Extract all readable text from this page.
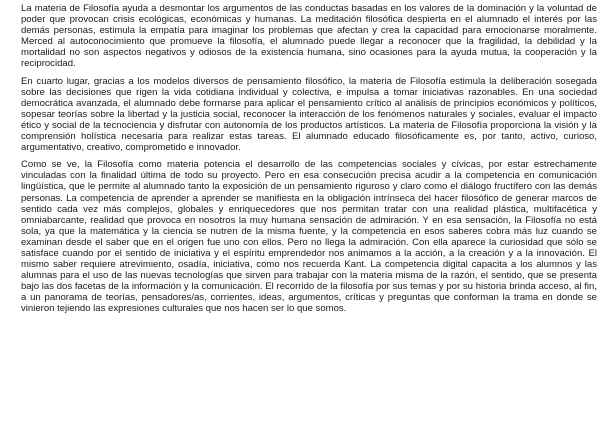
La materia de Filosofía ayuda a desmontar los argumentos de las conductas basadas en los valores de la dominación y la voluntad de poder que provocan crisis ecológicas, económicas y humanas. La meditación filosófica despierta en el alumnado el interés por las demás personas, estimula la empatía para imaginar los problemas que afectan y crea la capacidad para emocionarse moralmente. Merced al autoconocimiento que promueve la filosofía, el alumnado puede llegar a reconocer que la fragilidad, la debilidad y la mortalidad no son aspectos negativos y odiosos de la existencia humana, sino ocasiones para la ayuda mutua, la cooperación y la reciprocidad.

En cuarto lugar, gracias a los modelos diversos de pensamiento filosófico, la materia de Filosofía estimula la deliberación sosegada sobre las decisiones que rigen la vida cotidiana individual y colectiva, e impulsa a tomar iniciativas razonables. En una sociedad democrática avanzada, el alumnado debe formarse para aplicar el pensamiento crítico al análisis de principios económicos y políticos, sopesar teorías sobre la libertad y la justicia social, reconocer la interacción de los fenómenos naturales y sociales, evaluar el impacto ético y social de la tecnociencia y disfrutar con autonomía de los productos artísticos. La materia de Filosofía proporciona la visión y la comprensión holística necesaria para realizar estas tareas. El alumnado educado filosóficamente es, por tanto, activo, curioso, argumentativo, creativo, comprometido e innovador.

Como se ve, la Filosofía como materia potencia el desarrollo de las competencias sociales y cívicas, por estar estrechamente vinculadas con la finalidad última de todo su proyecto. Pero en esa consecución precisa acudir a la competencia en comunicación lingüística, que le permite al alumnado tanto la exposición de un pensamiento riguroso y claro como el diálogo fructífero con las demás personas. La competencia de aprender a aprender se manifiesta en la obligación intrínseca del hacer filosófico de generar marcos de sentido cada vez más complejos, globales y enriquecedores que nos permitan tratar con una realidad plástica, multifacética y omniabarcante, realidad que provoca en nosotros la muy humana sensación de admiración. Y en esa sensación, la Filosofía no está sola, ya que la matemática y la ciencia se nutren de la misma fuente, y la competencia en esos saberes cobra más luz cuando se examinan desde el saber que en el origen fue uno con ellos. Pero no llega la admiración. Con ella aparece la curiosidad que sólo se satisface cuando por el sentido de iniciativa y el espíritu emprendedor nos animamos a la acción, a la creación y a la innovación. El mismo saber requiere atrevimiento, osadía, iniciativa, como nos recuerda Kant. La competencia digital capacita a los alumnos y las alumnas para el uso de las nuevas tecnologías que sirven para trabajar con la materia misma de la razón, el sentido, que se presenta bajo las dos facetas de la información y la comunicación. El recorrido de la filosofía por sus temas y por su historia brinda acceso, al fin, a un panorama de teorías, pensadores/as, corrientes, ideas, argumentos, críticas y preguntas que conforman la trama en donde se vinieron tejiendo las expresiones culturales que nos hacen ser lo que somos.
